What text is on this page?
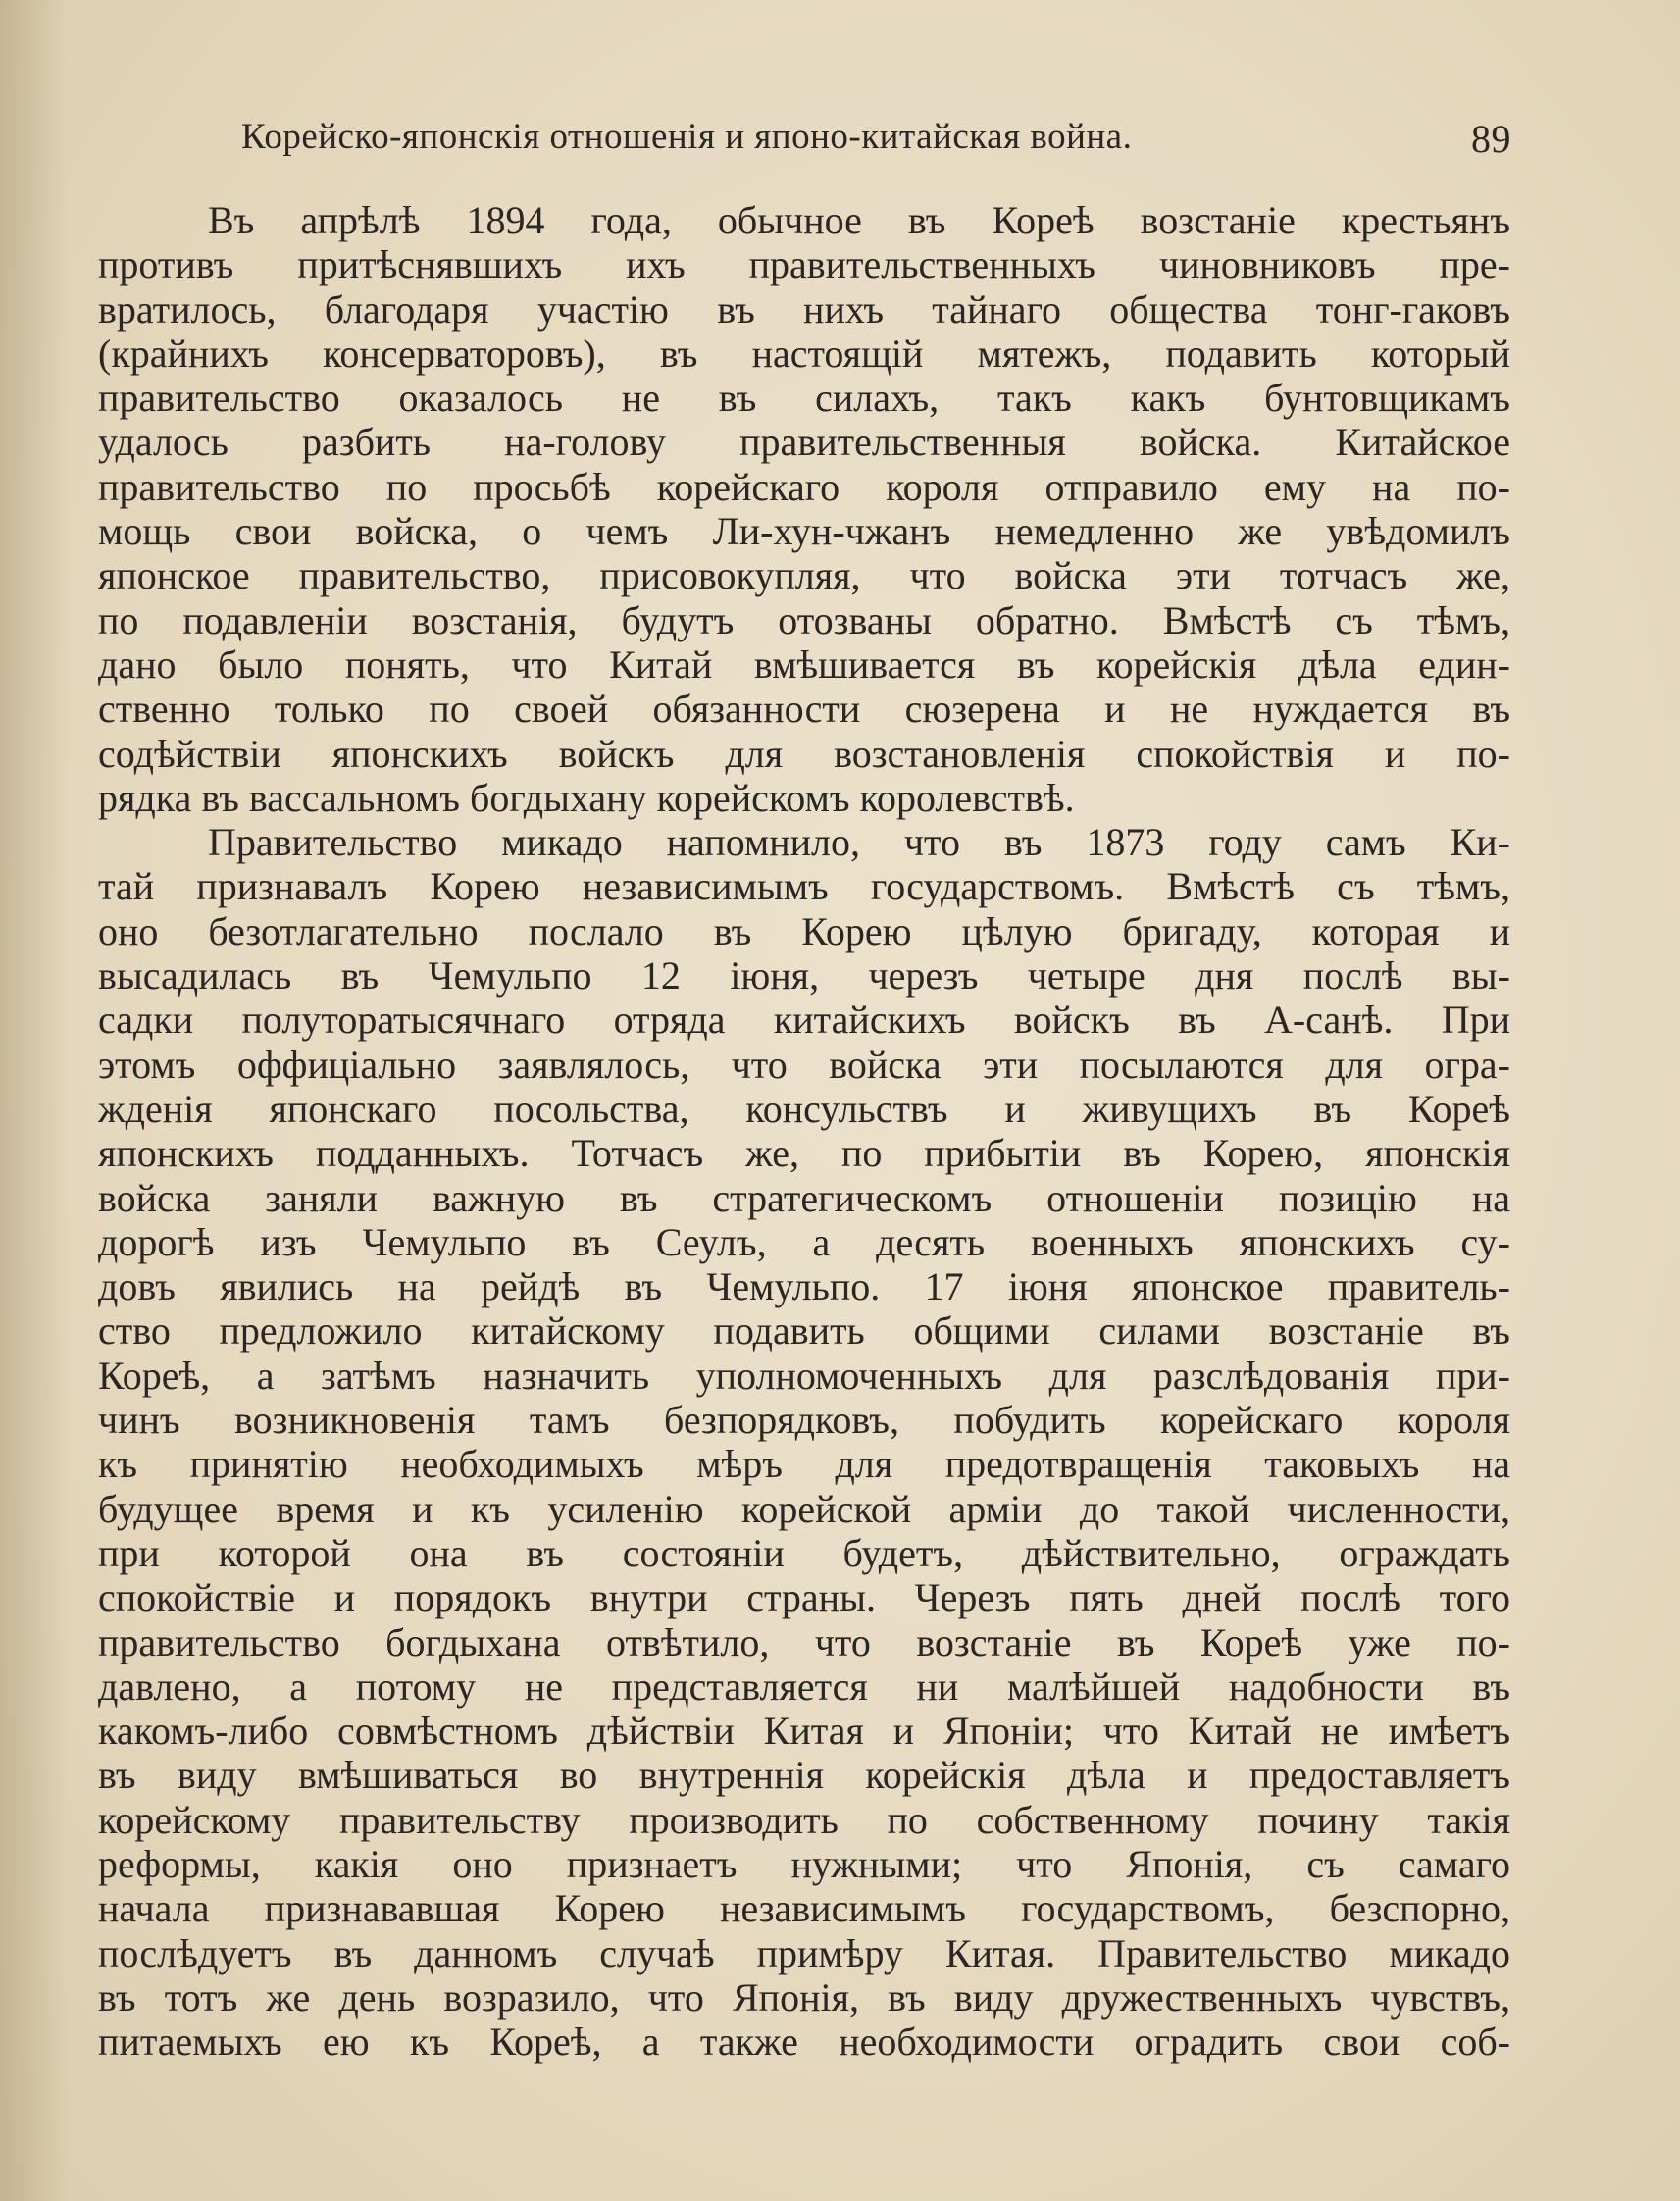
Корейско-японскія отношенія и японо-китайская война.	89
Въ апрѣлѣ 1894 года, обычное въ Кореѣ возстаніе крестьянъ
противъ притѣснявшихъ ихъ правительственныхъ чиновниковъ пре-
вратилось, благодаря участію въ нихъ тайнаго общества тонг-гаковъ
(крайнихъ консерваторовъ), въ настоящій мятежъ, подавить который
правительство оказалось не въ силахъ, такъ какъ бунтовщикамъ
удалось разбить на-голову правительственныя войска. Китайское
правительство по просьбѣ корейскаго короля отправило ему на по-
мощь свои войска, о чемъ Ли-хун-чжанъ немедленно же увѣдомилъ
японское правительство, присовокупляя, что войска эти тотчасъ же,
по подавленіи возстанія, будутъ отозваны обратно. Вмѣстѣ съ тѣмъ,
дано было понять, что Китай вмѣшивается въ корейскія дѣла един-
ственно только по своей обязанности сюзерена и не нуждается въ
содѣйствіи японскихъ войскъ для возстановленія спокойствія и по-
рядка въ вассальномъ богдыхану корейскомъ королевствѣ.
Правительство микадо напомнило, что въ 1873 году самъ Ки-
тай признавалъ Корею независимымъ государствомъ. Вмѣстѣ съ тѣмъ,
оно безотлагательно послало въ Корею цѣлую бригаду, которая и
высадилась въ Чемульпо 12 іюня, черезъ четыре дня послѣ вы-
садки полуторатысячнаго отряда китайскихъ войскъ въ А-санѣ. При
этомъ оффиціально заявлялось, что войска эти посылаются для огра-
жденія японскаго посольства, консульствъ и живущихъ въ Кореѣ
японскихъ подданныхъ. Тотчасъ же, по прибытіи въ Корею, японскія
войска заняли важную въ стратегическомъ отношеніи позицію на
дорогѣ изъ Чемульпо въ Сеулъ, а десять военныхъ японскихъ су-
довъ явились на рейдѣ въ Чемульпо. 17 іюня японское правитель-
ство предложило китайскому подавить общими силами возстаніе въ
Кореѣ, а затѣмъ назначить уполномоченныхъ для разслѣдованія при-
чинъ возникновенія тамъ безпорядковъ, побудить корейскаго короля
къ принятію необходимыхъ мѣръ для предотвращенія таковыхъ на
будущее время и къ усиленію корейской арміи до такой численности,
при которой она въ состояніи будетъ, дѣйствительно, ограждать
спокойствіе и порядокъ внутри страны. Черезъ пять дней послѣ того
правительство богдыхана отвѣтило, что возстаніе въ Кореѣ уже по-
давлено, а потому не представляется ни малѣйшей надобности въ
какомъ-либо совмѣстномъ дѣйствіи Китая и Японіи; что Китай не имѣетъ
въ виду вмѣшиваться во внутреннія корейскія дѣла и предоставляетъ
корейскому правительству производить по собственному почину такія
реформы, какія оно признаетъ нужными; что Японія, съ самаго
начала признававшая Корею независимымъ государствомъ, безспорно,
послѣдуетъ въ данномъ случаѣ примѣру Китая. Правительство микадо
въ тотъ же день возразило, что Японія, въ виду дружественныхъ чувствъ,
питаемыхъ ею къ Кореѣ, а также необходимости оградить свои соб-
